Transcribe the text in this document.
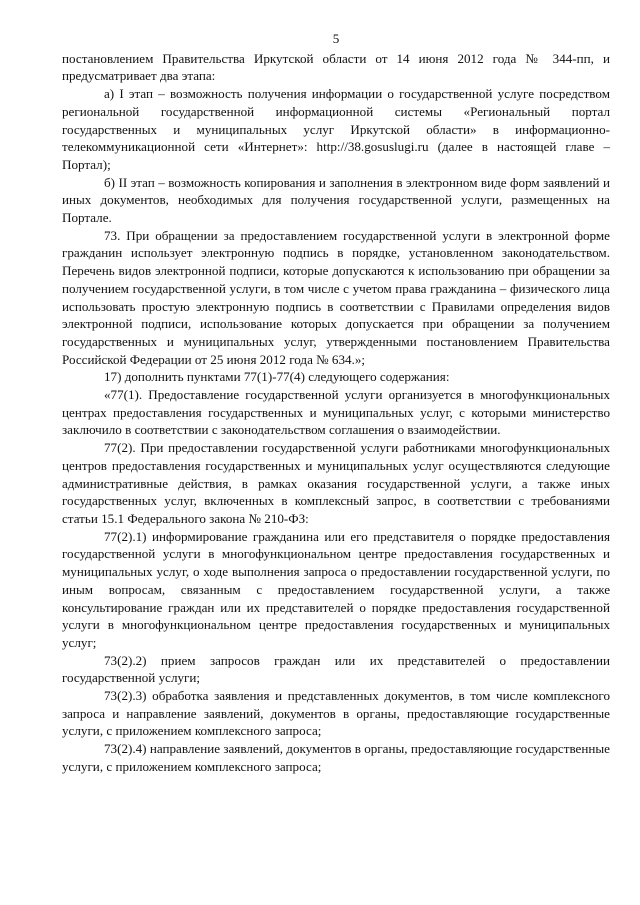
5

постановлением Правительства Иркутской области от 14 июня 2012 года № 344-пп, и предусматривает два этапа:

а) I этап – возможность получения информации о государственной услуге посредством региональной государственной информационной системы «Региональный портал государственных и муниципальных услуг Иркутской области» в информационно-телекоммуникационной сети «Интернет»: http://38.gosuslugi.ru (далее в настоящей главе – Портал);

б) II этап – возможность копирования и заполнения в электронном виде форм заявлений и иных документов, необходимых для получения государственной услуги, размещенных на Портале.

73. При обращении за предоставлением государственной услуги в электронной форме гражданин использует электронную подпись в порядке, установленном законодательством. Перечень видов электронной подписи, которые допускаются к использованию при обращении за получением государственной услуги, в том числе с учетом права гражданина – физического лица использовать простую электронную подпись в соответствии с Правилами определения видов электронной подписи, использование которых допускается при обращении за получением государственных и муниципальных услуг, утвержденными постановлением Правительства Российской Федерации от 25 июня 2012 года № 634.»;

17) дополнить пунктами 77(1)-77(4) следующего содержания:

«77(1). Предоставление государственной услуги организуется в многофункциональных центрах предоставления государственных и муниципальных услуг, с которыми министерство заключило в соответствии с законодательством соглашения о взаимодействии.

77(2). При предоставлении государственной услуги работниками многофункциональных центров предоставления государственных и муниципальных услуг осуществляются следующие административные действия, в рамках оказания государственной услуги, а также иных государственных услуг, включенных в комплексный запрос, в соответствии с требованиями статьи 15.1 Федерального закона № 210-ФЗ:

77(2).1) информирование гражданина или его представителя о порядке предоставления государственной услуги в многофункциональном центре предоставления государственных и муниципальных услуг, о ходе выполнения запроса о предоставлении государственной услуги, по иным вопросам, связанным с предоставлением государственной услуги, а также консультирование граждан или их представителей о порядке предоставления государственной услуги в многофункциональном центре предоставления государственных и муниципальных услуг;

73(2).2) прием запросов граждан или их представителей о предоставлении государственной услуги;

73(2).3) обработка заявления и представленных документов, в том числе комплексного запроса и направление заявлений, документов в органы, предоставляющие государственные услуги, с приложением комплексного запроса;

73(2).4) направление заявлений, документов в органы, предоставляющие государственные услуги, с приложением комплексного запроса;
